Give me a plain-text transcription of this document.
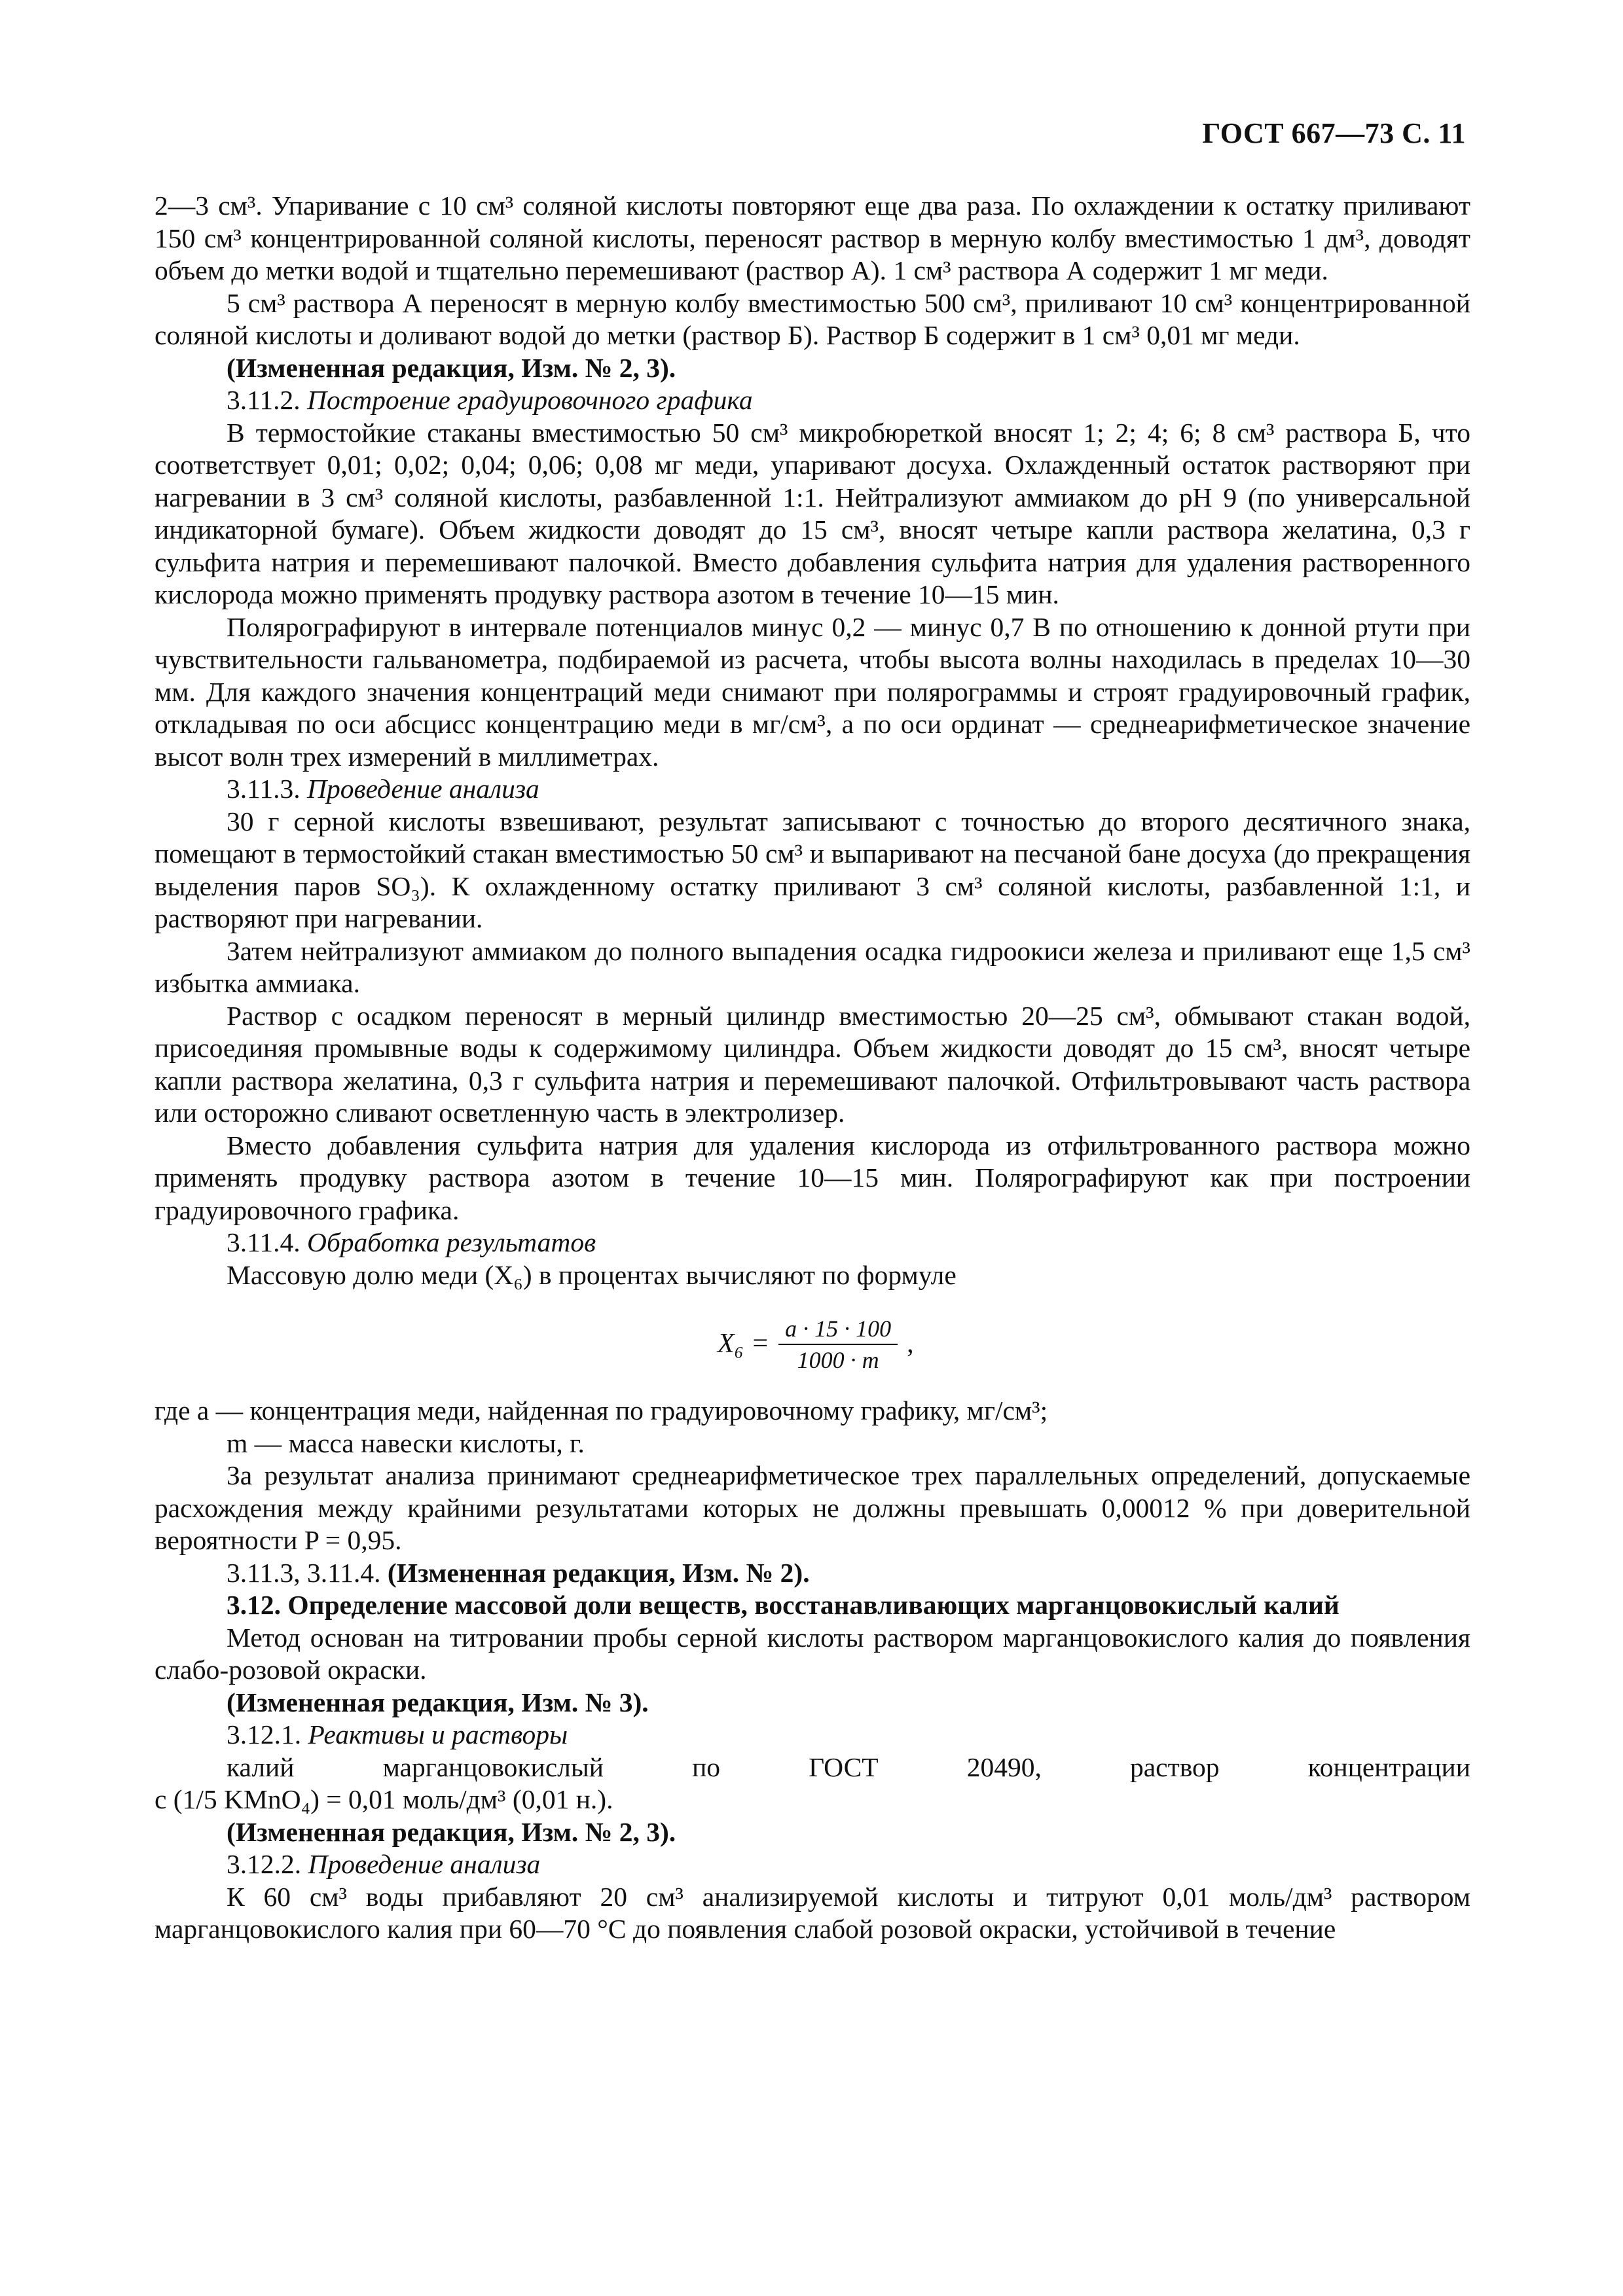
ГОСТ 667—73 С. 11

2—3 см³. Упаривание с 10 см³ соляной кислоты повторяют еще два раза. По охлаждении к остатку приливают 150 см³ концентрированной соляной кислоты, переносят раствор в мерную колбу вместимостью 1 дм³, доводят объем до метки водой и тщательно перемешивают (раствор А). 1 см³ раствора А содержит 1 мг меди.

5 см³ раствора А переносят в мерную колбу вместимостью 500 см³, приливают 10 см³ концентрированной соляной кислоты и доливают водой до метки (раствор Б). Раствор Б содержит в 1 см³ 0,01 мг меди.

(Измененная редакция, Изм. № 2, 3).

3.11.2. Построение градуировочного графика

В термостойкие стаканы вместимостью 50 см³ микробюреткой вносят 1; 2; 4; 6; 8 см³ раствора Б, что соответствует 0,01; 0,02; 0,04; 0,06; 0,08 мг меди, упаривают досуха. Охлажденный остаток растворяют при нагревании в 3 см³ соляной кислоты, разбавленной 1:1. Нейтрализуют аммиаком до pH 9 (по универсальной индикаторной бумаге). Объем жидкости доводят до 15 см³, вносят четыре капли раствора желатина, 0,3 г сульфита натрия и перемешивают палочкой. Вместо добавления сульфита натрия для удаления растворенного кислорода можно применять продувку раствора азотом в течение 10—15 мин.

Полярографируют в интервале потенциалов минус 0,2 — минус 0,7 В по отношению к донной ртути при чувствительности гальванометра, подбираемой из расчета, чтобы высота волны находилась в пределах 10—30 мм. Для каждого значения концентраций меди снимают при полярограммы и строят градуировочный график, откладывая по оси абсцисс концентрацию меди в мг/см³, а по оси ординат — среднеарифметическое значение высот волн трех измерений в миллиметрах.

3.11.3. Проведение анализа

30 г серной кислоты взвешивают, результат записывают с точностью до второго десятичного знака, помещают в термостойкий стакан вместимостью 50 см³ и выпаривают на песчаной бане досуха (до прекращения выделения паров SO₃). К охлажденному остатку приливают 3 см³ соляной кислоты, разбавленной 1:1, и растворяют при нагревании.

Затем нейтрализуют аммиаком до полного выпадения осадка гидроокиси железа и приливают еще 1,5 см³ избытка аммиака.

Раствор с осадком переносят в мерный цилиндр вместимостью 20—25 см³, обмывают стакан водой, присоединяя промывные воды к содержимому цилиндра. Объем жидкости доводят до 15 см³, вносят четыре капли раствора желатина, 0,3 г сульфита натрия и перемешивают палочкой. Отфильтровывают часть раствора или осторожно сливают осветленную часть в электролизер.

Вместо добавления сульфита натрия для удаления кислорода из отфильтрованного раствора можно применять продувку раствора азотом в течение 10—15 мин. Полярографируют как при построении градуировочного графика.

3.11.4. Обработка результатов

Массовую долю меди (X₆) в процентах вычисляют по формуле

$X_6 = \frac{a \cdot 15 \cdot 100}{1000 \cdot m}$ ,

где a — концентрация меди, найденная по градуировочному графику, мг/см³;

m — масса навески кислоты, г.

За результат анализа принимают среднеарифметическое трех параллельных определений, допускаемые расхождения между крайними результатами которых не должны превышать 0,00012 % при доверительной вероятности P = 0,95.

3.11.3, 3.11.4. (Измененная редакция, Изм. № 2).

3.12. Определение массовой доли веществ, восстанавливающих марганцовокислый калий

Метод основан на титровании пробы серной кислоты раствором марганцовокислого калия до появления слабо-розовой окраски.

(Измененная редакция, Изм. № 3).

3.12.1. Реактивы и растворы

калий	марганцовокислый	по	ГОСТ	20490,	раствор	концентрации

c (1/5 KMnO₄) = 0,01 моль/дм³ (0,01 н.).

(Измененная редакция, Изм. № 2, 3).

3.12.2. Проведение анализа

К 60 см³ воды прибавляют 20 см³ анализируемой кислоты и титруют 0,01 моль/дм³ раствором марганцовокислого калия при 60—70 °С до появления слабой розовой окраски, устойчивой в течение
